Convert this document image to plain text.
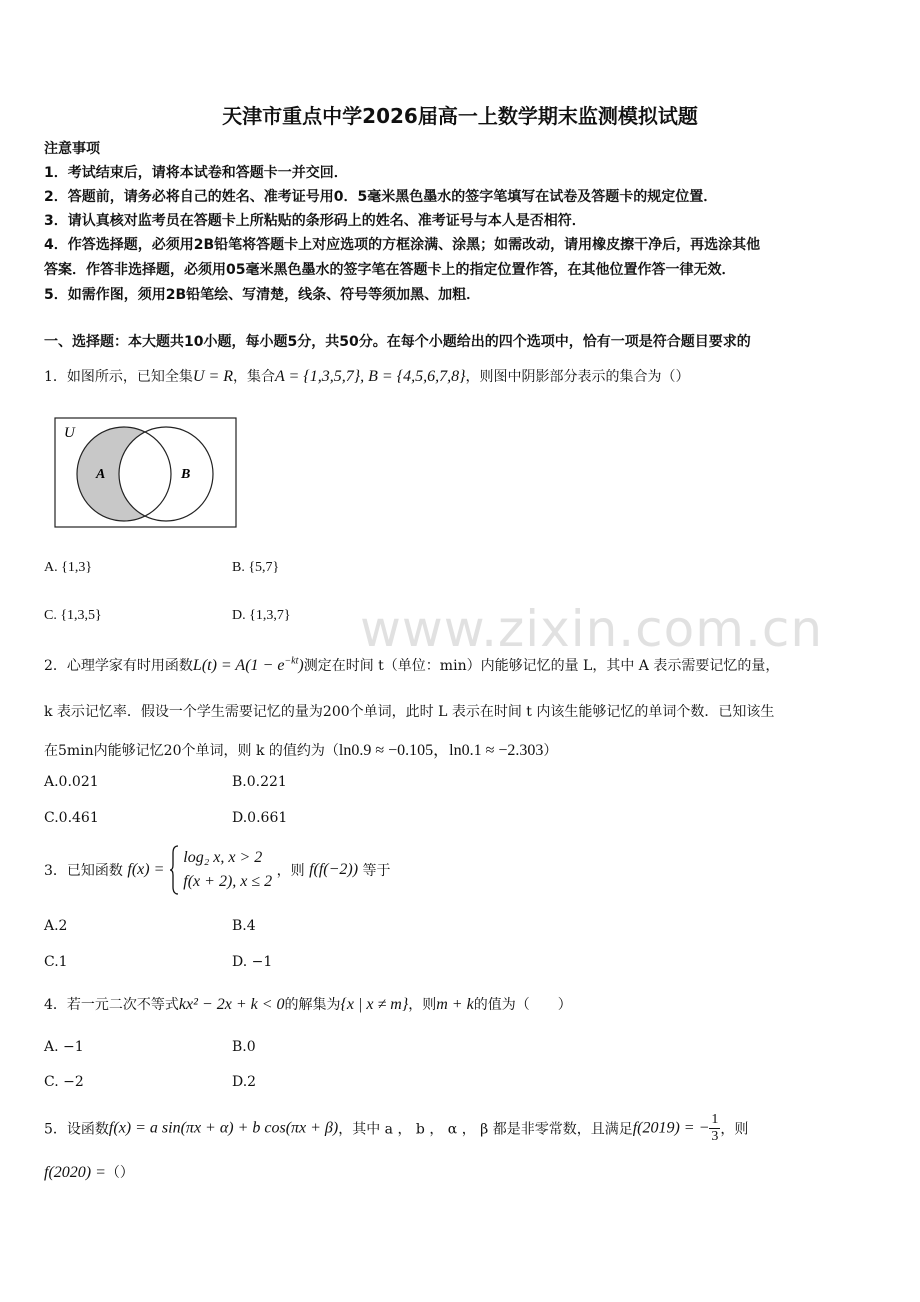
天津市重点中学2026届高一上数学期末监测模拟试题
注意事项
1．考试结束后，请将本试卷和答题卡一并交回．
2．答题前，请务必将自己的姓名、准考证号用0．5毫米黑色墨水的签字笔填写在试卷及答题卡的规定位置．
3．请认真核对监考员在答题卡上所粘贴的条形码上的姓名、准考证号与本人是否相符．
4．作答选择题，必须用2B铅笔将答题卡上对应选项的方框涂满、涂黑；如需改动，请用橡皮擦干净后，再选涂其他
答案．作答非选择题，必须用05毫米黑色墨水的签字笔在答题卡上的指定位置作答，在其他位置作答一律无效．
5．如需作图，须用2B铅笔绘、写清楚，线条、符号等须加黑、加粗．
一、选择题：本大题共10小题，每小题5分，共50分。在每个小题给出的四个选项中，恰有一项是符合题目要求的
1．如图所示，已知全集U = R，集合A = {1,3,5,7}, B = {4,5,6,7,8}，则图中阴影部分表示的集合为（）
U
A	B
A. {1,3}	B. {5,7}
C. {1,3,5}	D. {1,3,7} www.zixin.com.cn
2．心理学家有时用函数$L(t) = A(1 - e^{-kt})$测定在时间 t（单位：min）内能够记忆的量 L，其中 A 表示需要记忆的量，
k 表示记忆率．假设一个学生需要记忆的量为200个单词，此时 L 表示在时间 t 内该生能够记忆的单词个数．已知该生
在5min内能够记忆20个单词，则 k 的值约为（ln0.9 ≈ −0.105，ln0.1 ≈ −2.303）
A.0.021	B.0.221
C.0.461	D.0.661
3．已知函数 f(x) =  log₂ x, x > 2
f(x + 2), x ≤ 2 ，则 f(f(−2)) 等于
A.2	B.4
C.1	D. −1
4．若一元二次不等式kx² − 2x + k < 0的解集为{x | x ≠ m}，则m + k的值为（　　）
A. −1	B.0
C. −2	D.2
5．设函数f(x) = a sin(πx + α) + b cos(πx + β)，其中 a ， b ， α ， β 都是非零常数，且满足f(2019) = − $\frac{1}{3}$ ，则
f(2020) =（）
